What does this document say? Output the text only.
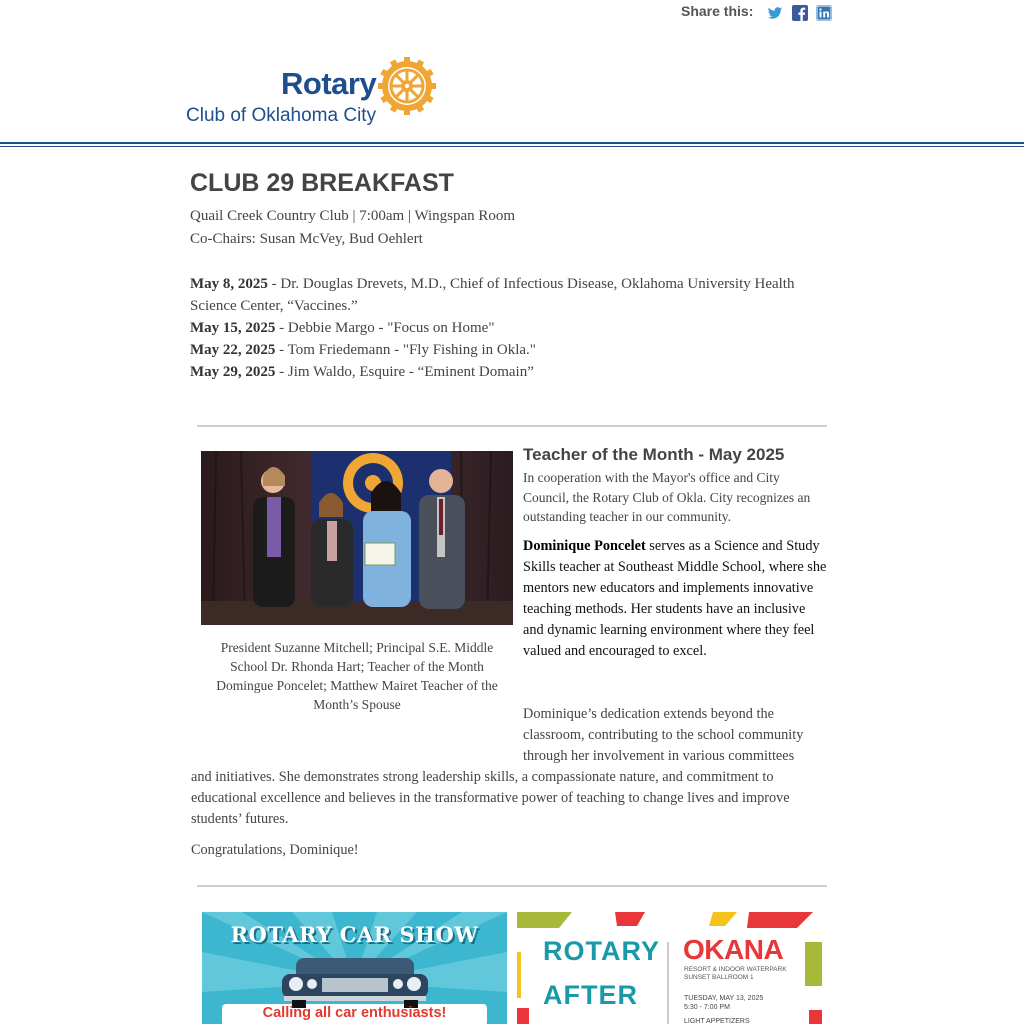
Share this:
Rotary
Club of Oklahoma City
CLUB 29 BREAKFAST
Quail Creek Country Club | 7:00am | Wingspan Room
Co-Chairs: Susan McVey, Bud Oehlert
May 8, 2025 - Dr. Douglas Drevets, M.D., Chief of Infectious Disease, Oklahoma University Health Science Center, “Vaccines.”
May 15, 2025 - Debbie Margo - "Focus on Home"
May 22, 2025 - Tom Friedemann - "Fly Fishing in Okla."
May 29, 2025 - Jim Waldo, Esquire - “Eminent Domain”
President Suzanne Mitchell; Principal S.E. Middle School Dr. Rhonda Hart; Teacher of the Month Domingue Poncelet; Matthew Mairet Teacher of the Month’s Spouse
Teacher of the Month - May 2025
In cooperation with the Mayor's office and City Council, the Rotary Club of Okla. City recognizes an outstanding teacher in our community.
Dominique Poncelet serves as a Science and Study Skills teacher at Southeast Middle School, where she mentors new educators and implements innovative teaching methods. Her students have an inclusive and dynamic learning environment where they feel valued and encouraged to excel.
Dominique’s dedication extends beyond the
classroom, contributing to the school community
through her involvement in various committees
and initiatives. She demonstrates strong leadership skills, a compassionate nature, and commitment to
educational excellence and believes in the transformative power of teaching to change lives and improve
students’ futures.
Congratulations, Dominique!
ROTARY CAR SHOW
Calling all car enthusiasts!
ROTARY
AFTER
OKANA
RESORT & INDOOR WATERPARK
SUNSET BALLROOM 1
TUESDAY, MAY 13, 2025
5:30 - 7:00 PM
LIGHT APPETIZERS
